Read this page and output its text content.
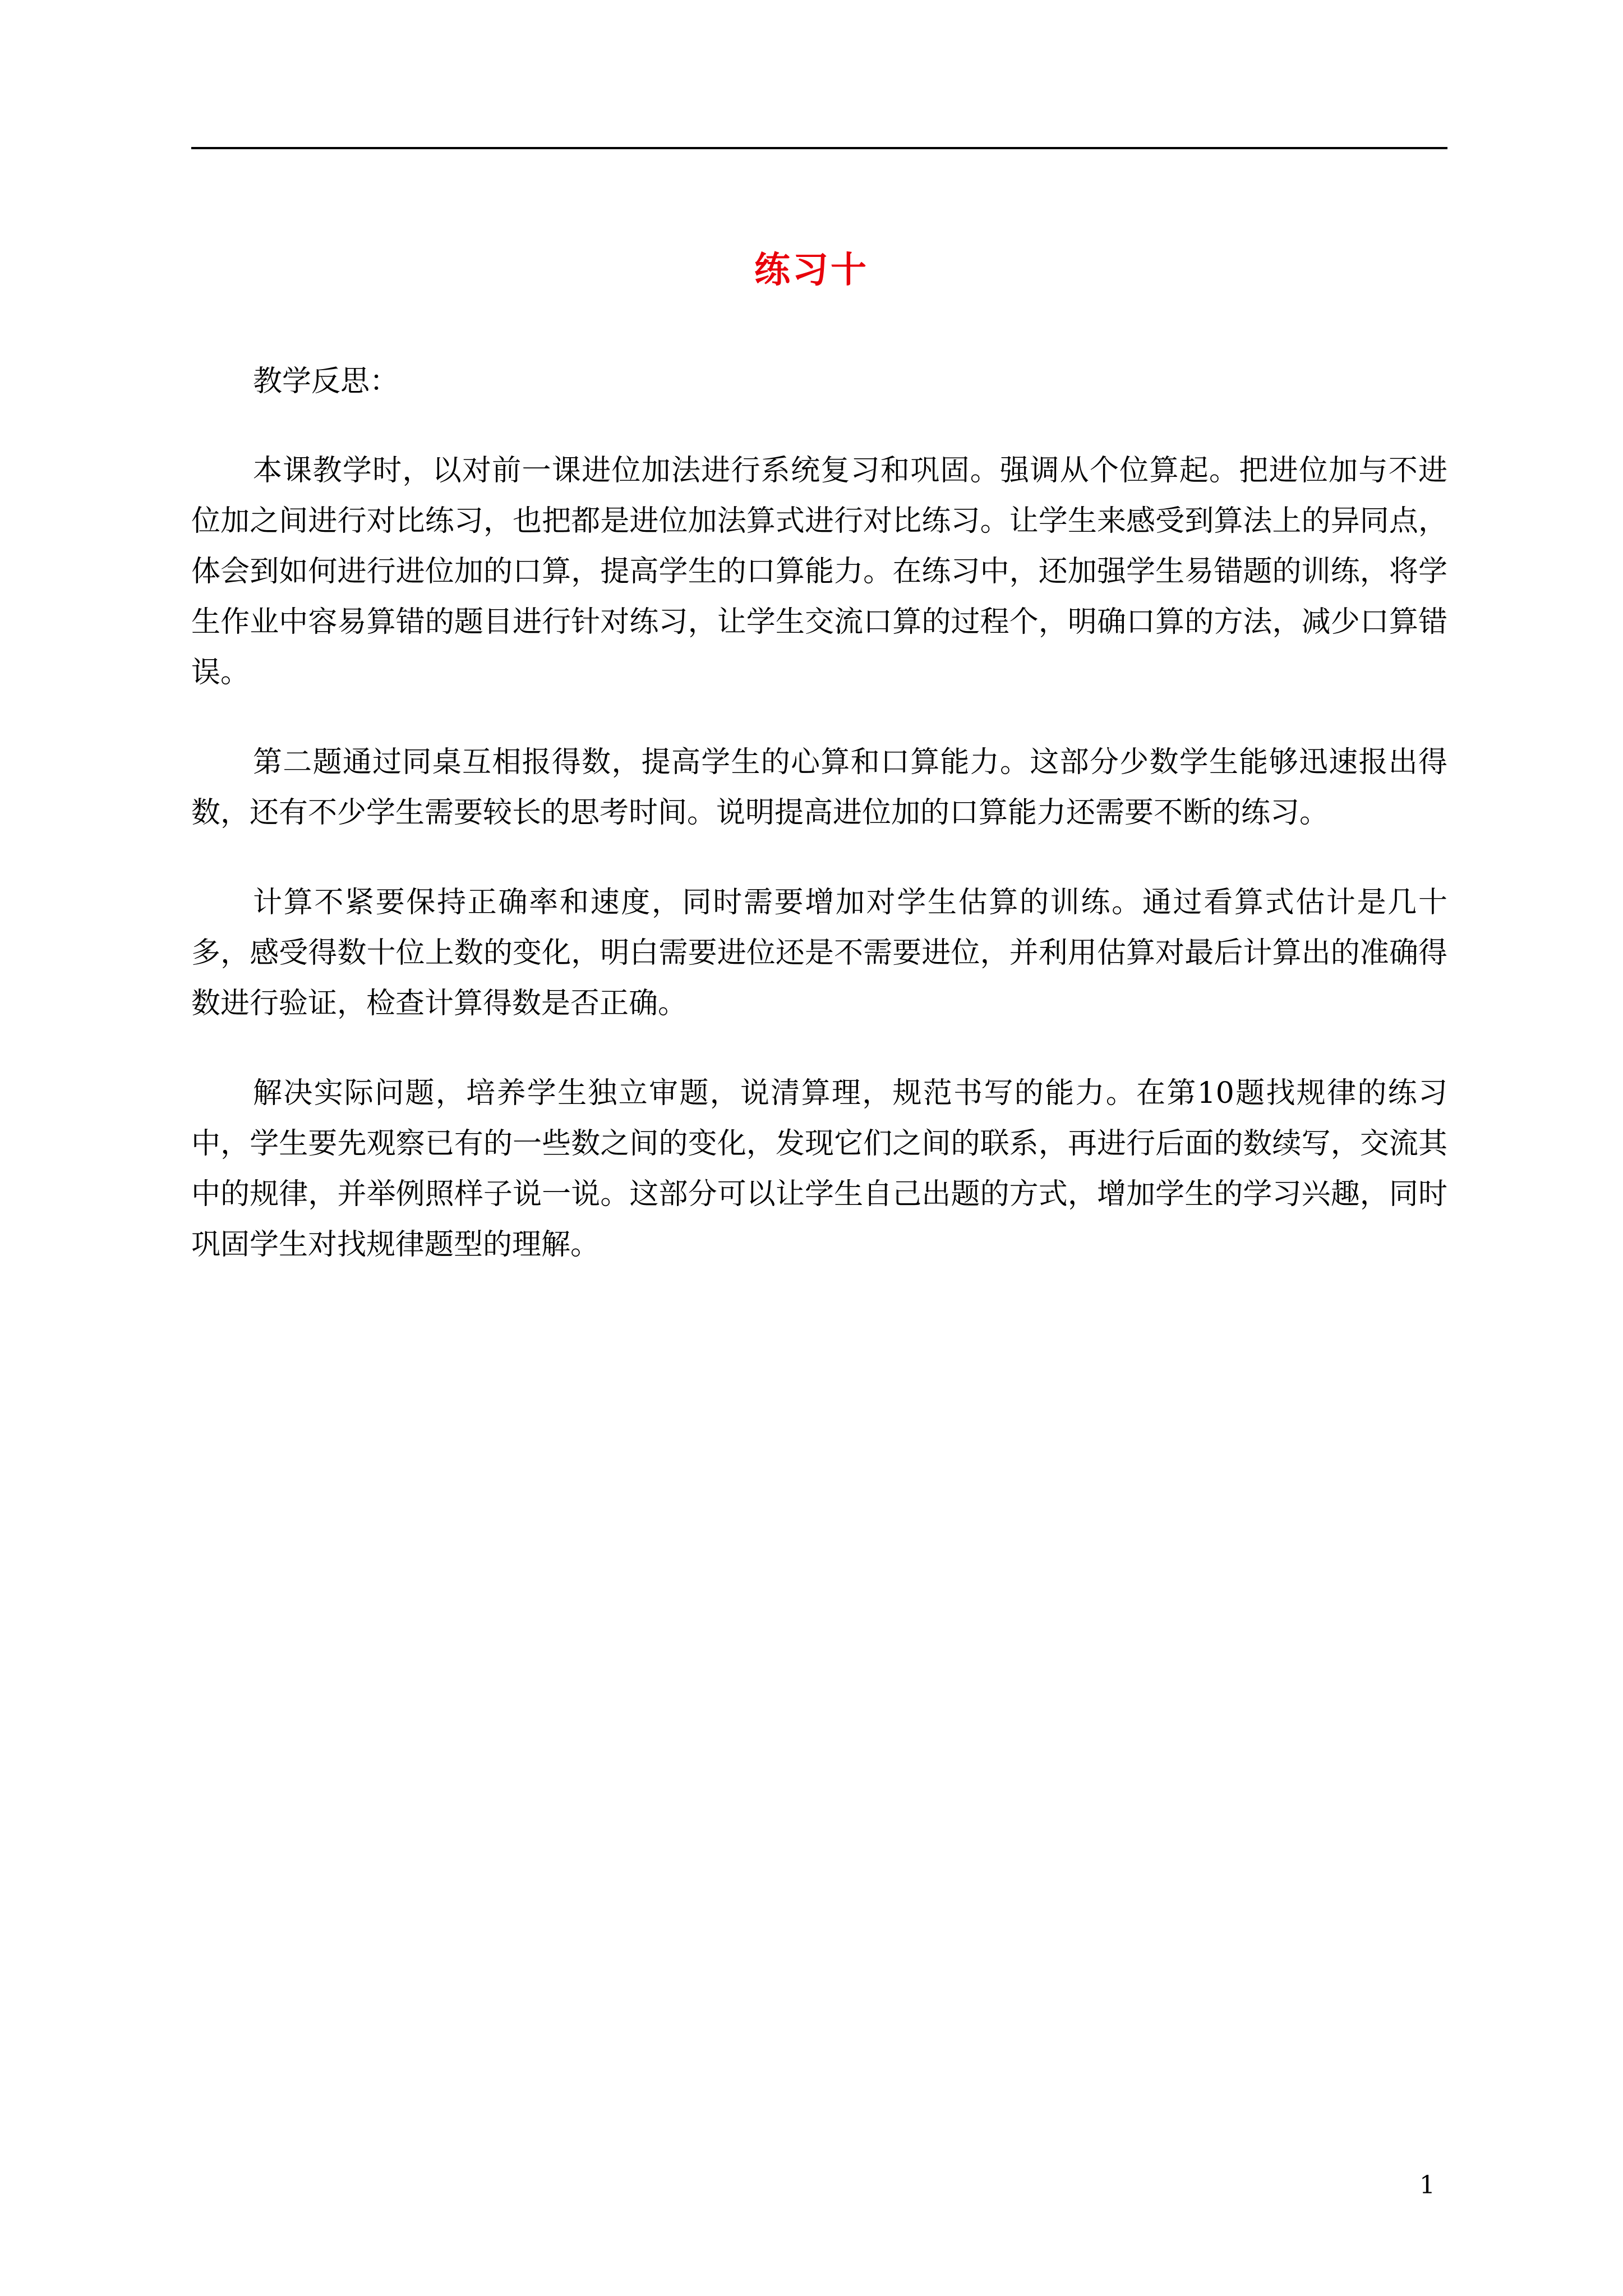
练习十

教学反思：

本课教学时，以对前一课进位加法进行系统复习和巩固。强调从个位算起。把进位加与不进位加之间进行对比练习，也把都是进位加法算式进行对比练习。让学生来感受到算法上的异同点，体会到如何进行进位加的口算，提高学生的口算能力。在练习中，还加强学生易错题的训练，将学生作业中容易算错的题目进行针对练习，让学生交流口算的过程个，明确口算的方法，减少口算错误。

第二题通过同桌互相报得数，提高学生的心算和口算能力。这部分少数学生能够迅速报出得数，还有不少学生需要较长的思考时间。说明提高进位加的口算能力还需要不断的练习。

计算不紧要保持正确率和速度，同时需要增加对学生估算的训练。通过看算式估计是几十多，感受得数十位上数的变化，明白需要进位还是不需要进位，并利用估算对最后计算出的准确得数进行验证，检查计算得数是否正确。

解决实际问题，培养学生独立审题，说清算理，规范书写的能力。在第10题找规律的练习中，学生要先观察已有的一些数之间的变化，发现它们之间的联系，再进行后面的数续写，交流其中的规律，并举例照样子说一说。这部分可以让学生自己出题的方式，增加学生的学习兴趣，同时巩固学生对找规律题型的理解。

1
